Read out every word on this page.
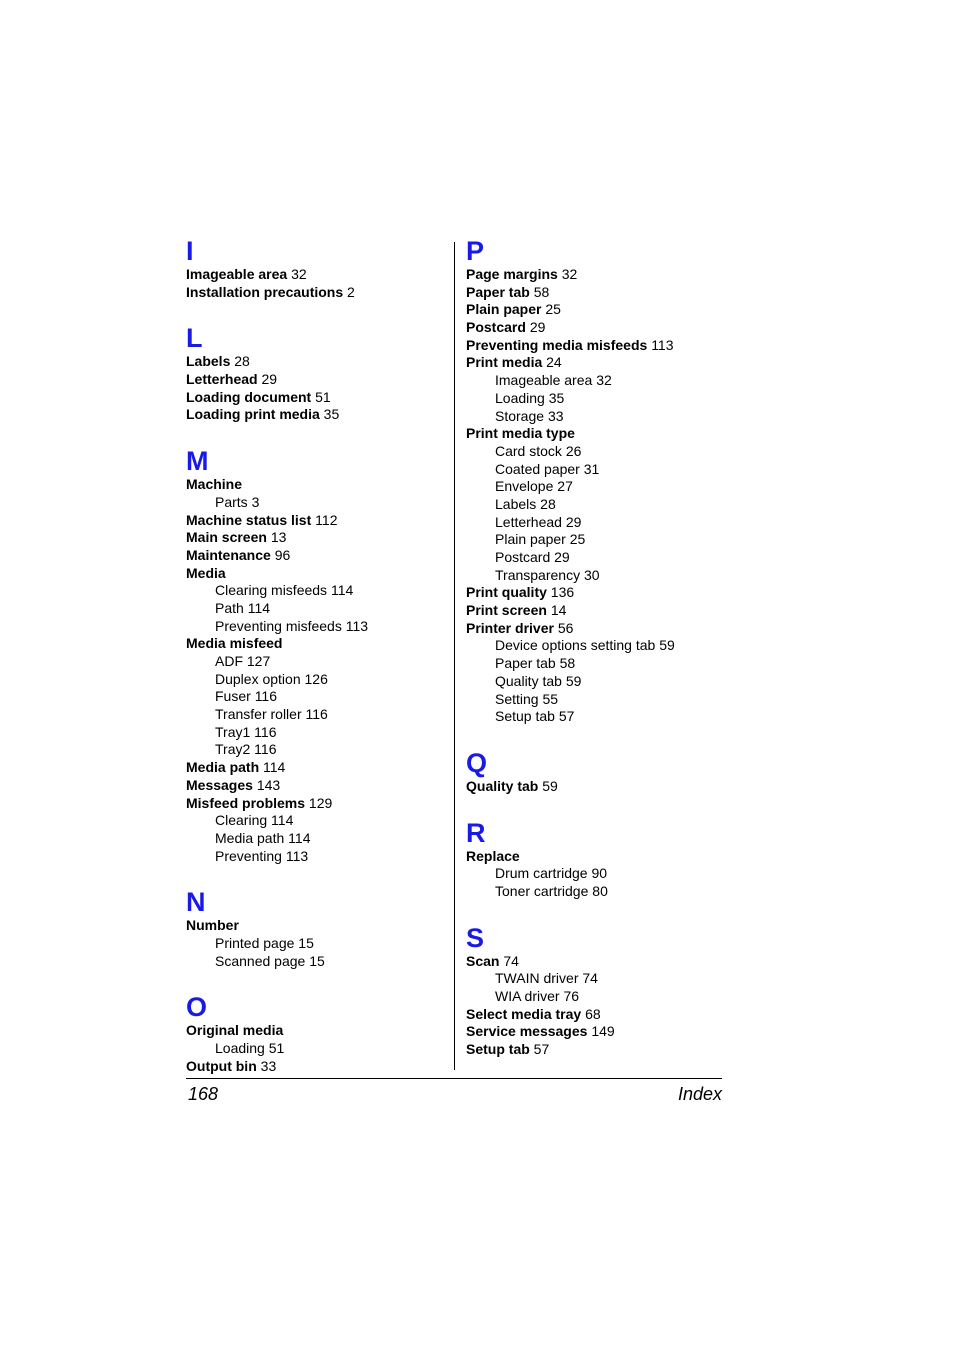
I
Imageable area 32
Installation precautions 2
L
Labels 28
Letterhead 29
Loading document 51
Loading print media 35
M
Machine
Parts 3
Machine status list 112
Main screen 13
Maintenance 96
Media
Clearing misfeeds 114
Path 114
Preventing misfeeds 113
Media misfeed
ADF 127
Duplex option 126
Fuser 116
Transfer roller 116
Tray1 116
Tray2 116
Media path 114
Messages 143
Misfeed problems 129
Clearing 114
Media path 114
Preventing 113
N
Number
Printed page 15
Scanned page 15
O
Original media
Loading 51
Output bin 33
P
Page margins 32
Paper tab 58
Plain paper 25
Postcard 29
Preventing media misfeeds 113
Print media 24
Imageable area 32
Loading 35
Storage 33
Print media type
Card stock 26
Coated paper 31
Envelope 27
Labels 28
Letterhead 29
Plain paper 25
Postcard 29
Transparency 30
Print quality 136
Print screen 14
Printer driver 56
Device options setting tab 59
Paper tab 58
Quality tab 59
Setting 55
Setup tab 57
Q
Quality tab 59
R
Replace
Drum cartridge 90
Toner cartridge 80
S
Scan 74
TWAIN driver 74
WIA driver 76
Select media tray 68
Service messages 149
Setup tab 57
168	Index
